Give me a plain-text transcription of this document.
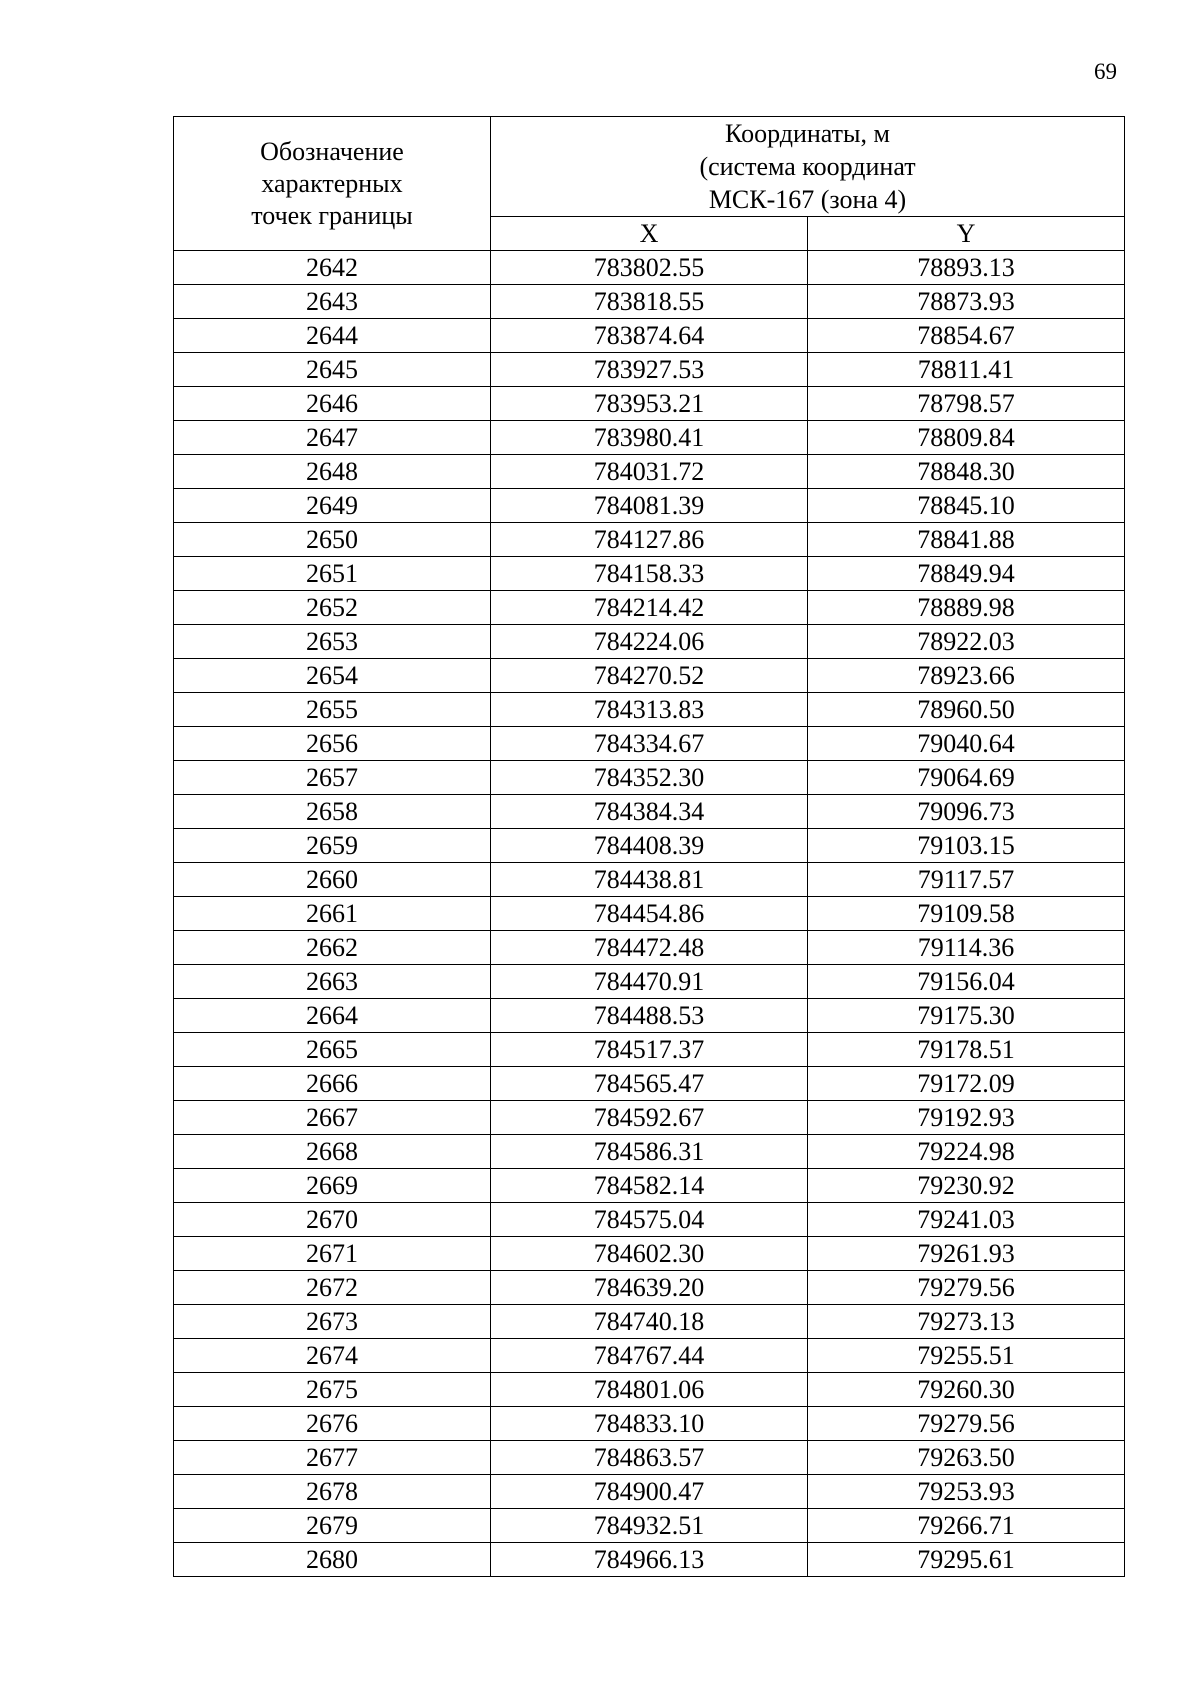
69
Обозначение
характерных
точек границы	Координаты, м
(система координат
МСК-167 (зона 4)	

	X	Y
2642	783802.55	78893.13
2643	783818.55	78873.93
2644	783874.64	78854.67
2645	783927.53	78811.41
2646	783953.21	78798.57
2647	783980.41	78809.84
2648	784031.72	78848.30
2649	784081.39	78845.10
2650	784127.86	78841.88
2651	784158.33	78849.94
2652	784214.42	78889.98
2653	784224.06	78922.03
2654	784270.52	78923.66
2655	784313.83	78960.50
2656	784334.67	79040.64
2657	784352.30	79064.69
2658	784384.34	79096.73
2659	784408.39	79103.15
2660	784438.81	79117.57
2661	784454.86	79109.58
2662	784472.48	79114.36
2663	784470.91	79156.04
2664	784488.53	79175.30
2665	784517.37	79178.51
2666	784565.47	79172.09
2667	784592.67	79192.93
2668	784586.31	79224.98
2669	784582.14	79230.92
2670	784575.04	79241.03
2671	784602.30	79261.93
2672	784639.20	79279.56
2673	784740.18	79273.13
2674	784767.44	79255.51
2675	784801.06	79260.30
2676	784833.10	79279.56
2677	784863.57	79263.50
2678	784900.47	79253.93
2679	784932.51	79266.71
2680	784966.13	79295.61
